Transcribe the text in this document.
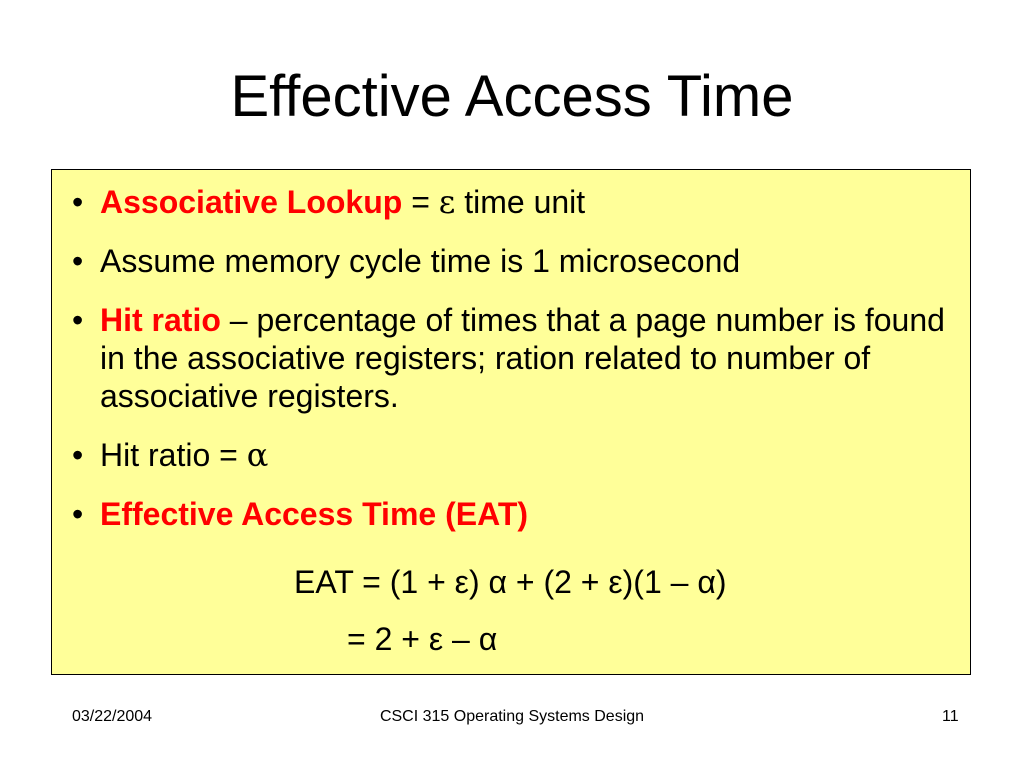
Effective Access Time
• Associative Lookup = ε time unit
• Assume memory cycle time is 1 microsecond
• Hit ratio – percentage of times that a page number is found in the associative registers; ration related to number of associative registers.
• Hit ratio = α
• Effective Access Time (EAT)
EAT = (1 + ε) α + (2 + ε)(1 – α)
= 2 + ε – α
03/22/2004	CSCI 315 Operating Systems Design	11
